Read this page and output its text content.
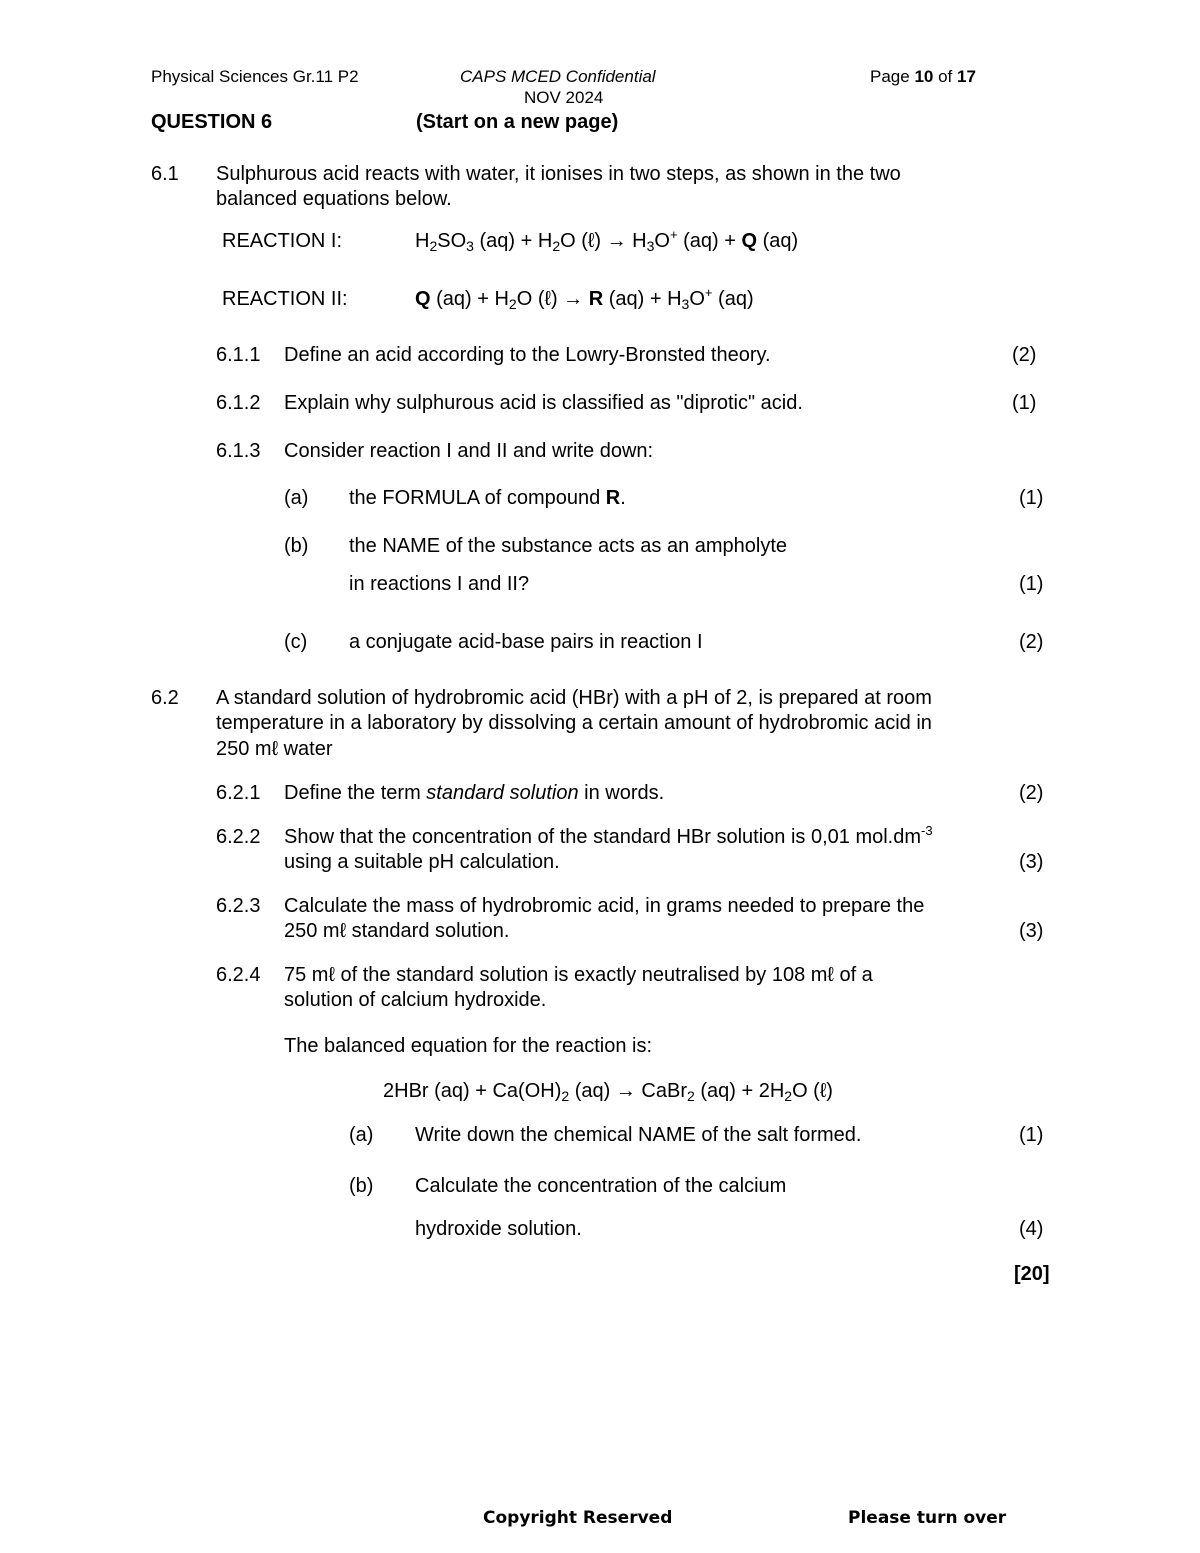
Physical Sciences Gr.11 P2	CAPS MCED Confidential	Page 10 of 17
NOV 2024
QUESTION 6	(Start on a new page)
6.1 Sulphurous acid reacts with water, it ionises in two steps, as shown in the two
balanced equations below.
REACTION I:	$H_2SO_3$ $(aq) + H_2O$ (ℓ) → $H_3O^+$ (aq) + Q (aq)
REACTION II:	Q $(aq) + H_2O$ (ℓ) → R $(aq) + H_3O^+$ (aq)
6.1.1 Define an acid according to the Lowry-Bronsted theory.	(2)
6.1.2 Explain why sulphurous acid is classified as "diprotic" acid.	(1)
6.1.3 Consider reaction I and II and write down:
(a) the FORMULA of compound R.	(1)
(b) the NAME of the substance acts as an ampholyte
in reactions I and II?	(1)
(c) a conjugate acid-base pairs in reaction I	(2)
6.2 A standard solution of hydrobromic acid (HBr) with a pH of 2, is prepared at room
temperature in a laboratory by dissolving a certain amount of hydrobromic acid in
250 mℓ water
6.2.1 Define the term standard solution in words.	(2)
6.2.2 Show that the concentration of the standard HBr solution is 0,01 $mol.dm^{-3}$
using a suitable pH calculation.	(3)
6.2.3 Calculate the mass of hydrobromic acid, in grams needed to prepare the
250 mℓ standard solution.	(3)
6.2.4 75 mℓ of the standard solution is exactly neutralised by 108 mℓ of a
solution of calcium hydroxide.
The balanced equation for the reaction is:
2HBr $(aq) + Ca(OH)_2$ (aq) → CaBr$_2$ $(aq) + 2H_2O$ (ℓ)
(a) Write down the chemical NAME of the salt formed.	(1)
(b) Calculate the concentration of the calcium
hydroxide solution.	(4)
[20]
Copyright Reserved	Please turn over
